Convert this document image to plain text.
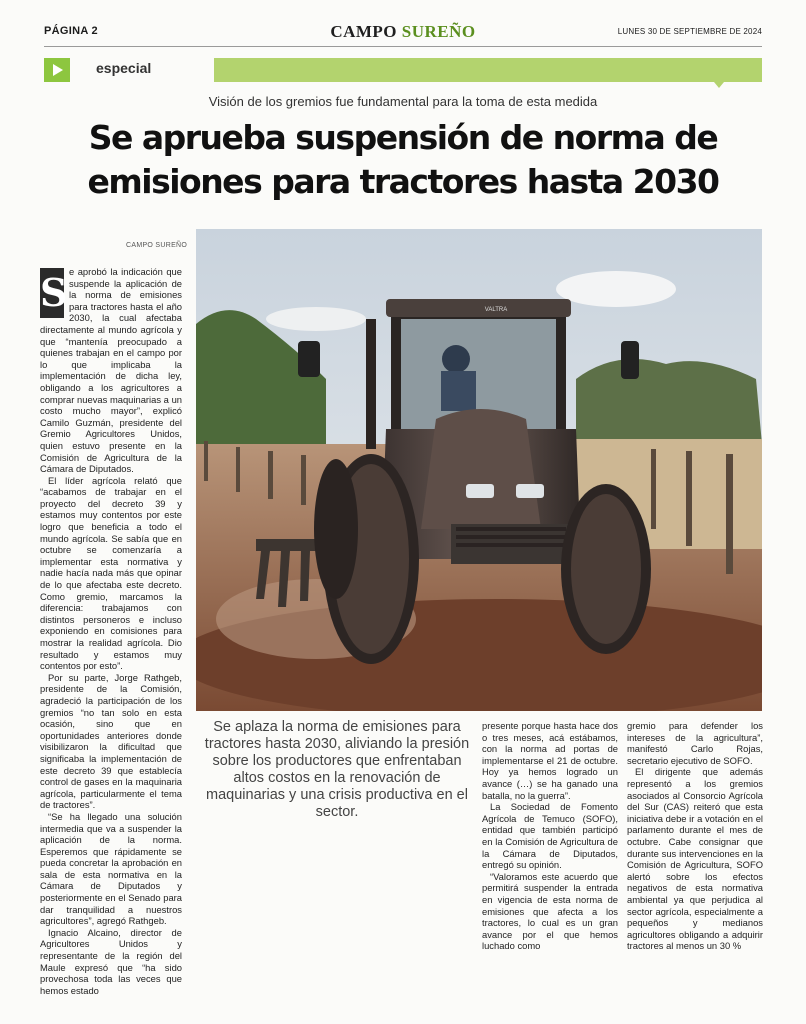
PÁGINA 2	CAMPO SUREÑO	LUNES 30 DE SEPTIEMBRE DE 2024
especial
Visión de los gremios fue fundamental para la toma de esta medida
Se aprueba suspensión de norma de emisiones para tractores hasta 2030
CAMPO SUREÑO

S e aprobó la indicación que suspende la aplicación de la norma de emisiones para tractores hasta el año 2030, la cual afectaba directamente al mundo agrícola y que “mantenía preocupado a quienes trabajan en el campo por lo que implicaba la implementación de dicha ley, obligando a los agricultores a comprar nuevas maquinarias a un costo mucho mayor”, explicó Camilo Guzmán, presidente del Gremio Agricultores Unidos, quien estuvo presente en la Comisión de Agricultura de la Cámara de Diputados.

El líder agrícola relató que “acabamos de trabajar en el proyecto del decreto 39 y estamos muy contentos por este logro que beneficia a todo el mundo agrícola. Se sabía que en octubre se comenzaría a implementar esta normativa y nadie hacía nada más que opinar de lo que afectaba este decreto. Como gremio, marcamos la diferencia: trabajamos con distintos personeros e incluso exponiendo en comisiones para mostrar la realidad agrícola. Dio resultado y estamos muy contentos por esto”.

Por su parte, Jorge Rathgeb, presidente de la Comisión, agradeció la participación de los gremios “no tan solo en esta ocasión, sino que en oportunidades anteriores donde visibilizaron la dificultad que significaba la implementación de este decreto 39 que establecía control de gases en la maquinaria agrícola, particularmente el tema de tractores”.

“Se ha llegado una solución intermedia que va a suspender la aplicación de la norma. Esperemos que rápidamente se pueda concretar la aprobación en sala de esta normativa en la Cámara de Diputados y posteriormente en el Senado para dar tranquilidad a nuestros agricultores”, agregó Rathgeb.

Ignacio Alcaino, director de Agricultores Unidos y representante de la región del Maule expresó que “ha sido provechosa toda las veces que hemos estado

VALTRA
Se aplaza la norma de emisiones para tractores hasta 2030, aliviando la presión sobre los productores que enfrentaban altos costos en la renovación de maquinarias y una crisis productiva en el sector.

presente porque hasta hace dos o tres meses, acá estábamos, con la norma ad portas de implementarse el 21 de octubre. Hoy ya hemos logrado un avance (…) se ha ganado una batalla, no la guerra”.

La Sociedad de Fomento Agrícola de Temuco (SOFO), entidad que también participó en la Comisión de Agricultura de la Cámara de Diputados, entregó su opinión.

“Valoramos este acuerdo que permitirá suspender la entrada en vigencia de esta norma de emisiones que afecta a los tractores, lo cual es un gran avance por el que hemos luchado como

gremio para defender los intereses de la agricultura”, manifestó Carlo Rojas, secretario ejecutivo de SOFO.

El dirigente que además representó a los gremios asociados al Consorcio Agrícola del Sur (CAS) reiteró que esta iniciativa debe ir a votación en el parlamento durante el mes de octubre. Cabe consignar que durante sus intervenciones en la Comisión de Agricultura, SOFO alertó sobre los efectos negativos de esta normativa ambiental ya que perjudica al sector agrícola, especialmente a pequeños y medianos agricultores obligando a adquirir tractores al menos un 30 %
